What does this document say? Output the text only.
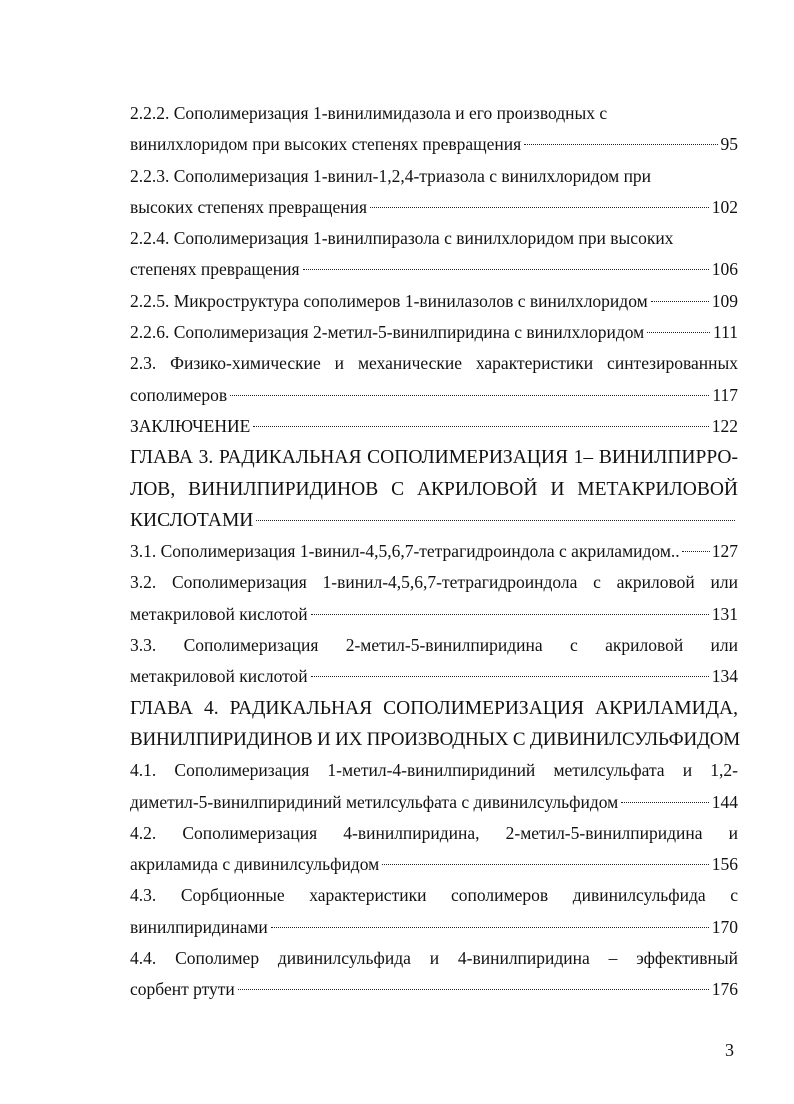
2.2.2. Сополимеризация 1-винилимидазола и его производных с
винилхлоридом при высоких степенях превращения	95
2.2.3. Сополимеризация 1-винил-1,2,4-триазола с винилхлоридом при
высоких степенях превращения	102
2.2.4. Сополимеризация 1-винилпиразола с винилхлоридом при высоких
степенях превращения	106
2.2.5. Микроструктура сополимеров 1-винилазолов с винилхлоридом	109
2.2.6. Сополимеризация 2-метил-5-винилпиридина с винилхлоридом	111
2.3. Физико-химические и механические характеристики синтезированных
сополимеров	117
ЗАКЛЮЧЕНИЕ	122
ГЛАВА 3. РАДИКАЛЬНАЯ СОПОЛИМЕРИЗАЦИЯ 1– ВИНИЛПИРРО-
ЛОВ, ВИНИЛПИРИДИНОВ С АКРИЛОВОЙ И МЕТАКРИЛОВОЙ
КИСЛОТАМИ
3.1. Сополимеризация 1-винил-4,5,6,7-тетрагидроиндола с акриламидом.. 127
3.2. Сополимеризация 1-винил-4,5,6,7-тетрагидроиндола с акриловой или
метакриловой кислотой	131
3.3. Сополимеризация 2-метил-5-винилпиридина с акриловой или
метакриловой кислотой	134
ГЛАВА 4. РАДИКАЛЬНАЯ СОПОЛИМЕРИЗАЦИЯ АКРИЛАМИДА,
ВИНИЛПИРИДИНОВ И ИХ ПРОИЗВОДНЫХ С ДИВИНИЛСУЛЬФИДОМ
4.1. Сополимеризация 1-метил-4-винилпиридиний метилсульфата и 1,2-
диметил-5-винилпиридиний метилсульфата с дивинилсульфидом	144
4.2. Сополимеризация 4-винилпиридина, 2-метил-5-винилпиридина и
акриламида с дивинилсульфидом	156
4.3. Сорбционные характеристики сополимеров дивинилсульфида с
винилпиридинами	170
4.4. Сополимер дивинилсульфида и 4-винилпиридина – эффективный
сорбент ртути	176
3
